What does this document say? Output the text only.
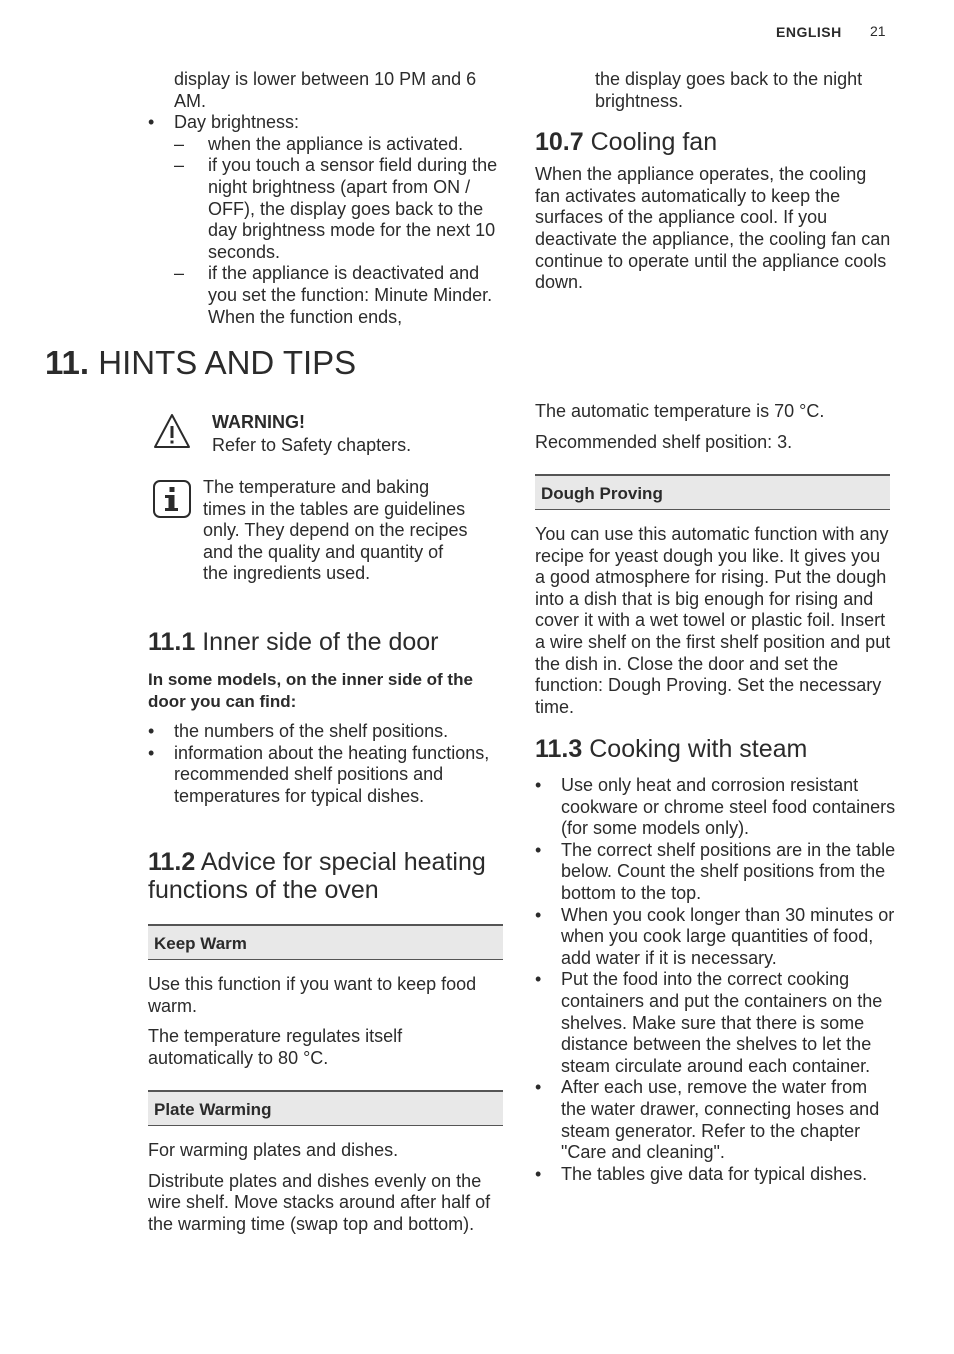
ENGLISH 21

display is lower between 10 PM and 6 AM.

• Day brightness:
– when the appliance is activated.
– if you touch a sensor field during the night brightness (apart from ON / OFF), the display goes back to the day brightness mode for the next 10 seconds.
– if the appliance is deactivated and you set the function: Minute Minder. When the function ends,

the display goes back to the night brightness.

10.7 Cooling fan

When the appliance operates, the cooling fan activates automatically to keep the surfaces of the appliance cool. If you deactivate the appliance, the cooling fan can continue to operate until the appliance cools down.

11. HINTS AND TIPS

WARNING!

Refer to Safety chapters.

The temperature and baking times in the tables are guidelines only. They depend on the recipes and the quality and quantity of the ingredients used.

11.1 Inner side of the door

In some models, on the inner side of the door you can find:

• the numbers of the shelf positions.
• information about the heating functions, recommended shelf positions and temperatures for typical dishes.
11.2 Advice for special heating functions of the oven
Keep Warm

Use this function if you want to keep food warm.

The temperature regulates itself automatically to 80 °C.

Plate Warming

For warming plates and dishes.

Distribute plates and dishes evenly on the wire shelf. Move stacks around after half of the warming time (swap top and bottom).

The automatic temperature is 70 °C.

Recommended shelf position: 3.

Dough Proving

You can use this automatic function with any recipe for yeast dough you like. It gives you a good atmosphere for rising. Put the dough into a dish that is big enough for rising and cover it with a wet towel or plastic foil. Insert a wire shelf on the first shelf position and put the dish in. Close the door and set the function: Dough Proving. Set the necessary time.

11.3 Cooking with steam
• Use only heat and corrosion resistant cookware or chrome steel food containers (for some models only).
• The correct shelf positions are in the table below. Count the shelf positions from the bottom to the top.
• When you cook longer than 30 minutes or when you cook large quantities of food, add water if it is necessary.
• Put the food into the correct cooking containers and put the containers on the shelves. Make sure that there is some distance between the shelves to let the steam circulate around each container.
• After each use, remove the water from the water drawer, connecting hoses and steam generator. Refer to the chapter "Care and cleaning".
• The tables give data for typical dishes.
